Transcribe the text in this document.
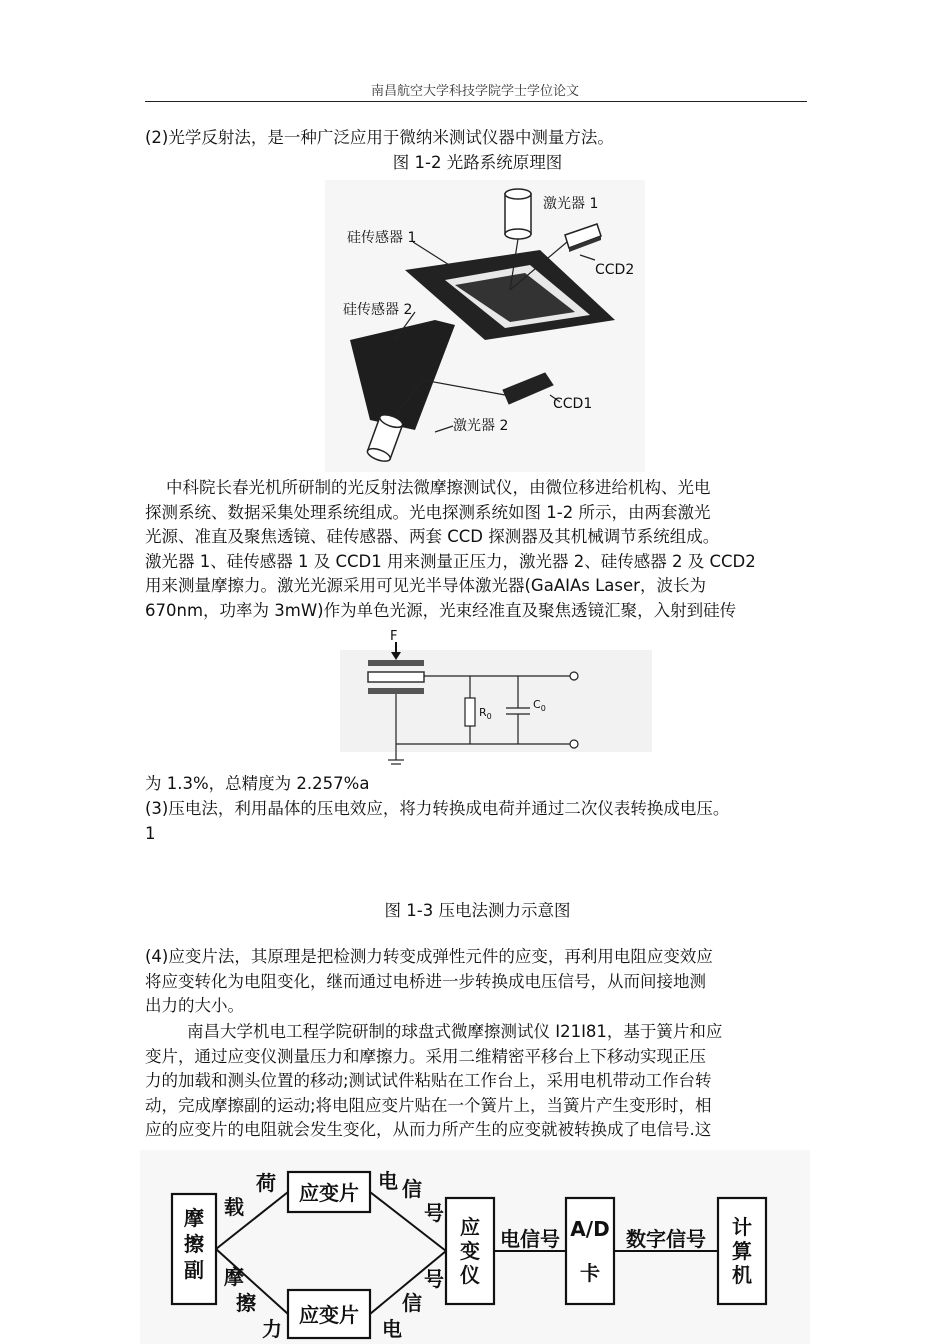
南昌航空大学科技学院学士学位论文

(2)光学反射法，是一种广泛应用于微纳米测试仪器中测量方法。

图 1-2 光路系统原理图

激光器 1
硅传感器 1
CCD2
硅传感器 2
CCD1
激光器 2
中科院长春光机所研制的光反射法微摩擦测试仪，由微位移进给机构、光电
探测系统、数据采集处理系统组成。光电探测系统如图 1-2 所示，由两套激光
光源、准直及聚焦透镜、硅传感器、两套 CCD 探测器及其机械调节系统组成。
激光器 1、硅传感器 1 及 CCD1 用来测量正压力，激光器 2、硅传感器 2 及 CCD2
用来测量摩擦力。激光光源采用可见光半导体激光器(GaAIAs Laser，波长为
670nm，功率为 3mW)作为单色光源，光束经准直及聚焦透镜汇聚，入射到硅传
F
$R_0$
$C_0$

为 1.3%，总精度为 2.257%a

(3)压电法，利用晶体的压电效应，将力转换成电荷并通过二次仪表转换成电压。

1

图 1-3 压电法测力示意图

(4)应变片法，其原理是把检测力转变成弹性元件的应变，再利用电阻应变效应
将应变转化为电阻变化，继而通过电桥进一步转换成电压信号，从而间接地测
出力的大小。
南昌大学机电工程学院研制的球盘式微摩擦测试仪 I21I81，基于簧片和应
变片，通过应变仪测量压力和摩擦力。采用二维精密平移台上下移动实现正压
力的加载和测头位置的移动;测试试件粘贴在工作台上，采用电机带动工作台转
动，完成摩擦副的运动;将电阻应变片贴在一个簧片上，当簧片产生变形时，相
应的应变片的电阻就会发生变化，从而力所产生的应变就被转换成了电信号.这
摩
擦
副
载
荷
摩
擦
力
应变片
应变片
电 信
号
号
信
电
应
变
仪
电信号 A/D
卡
数字信号 计
算
机
